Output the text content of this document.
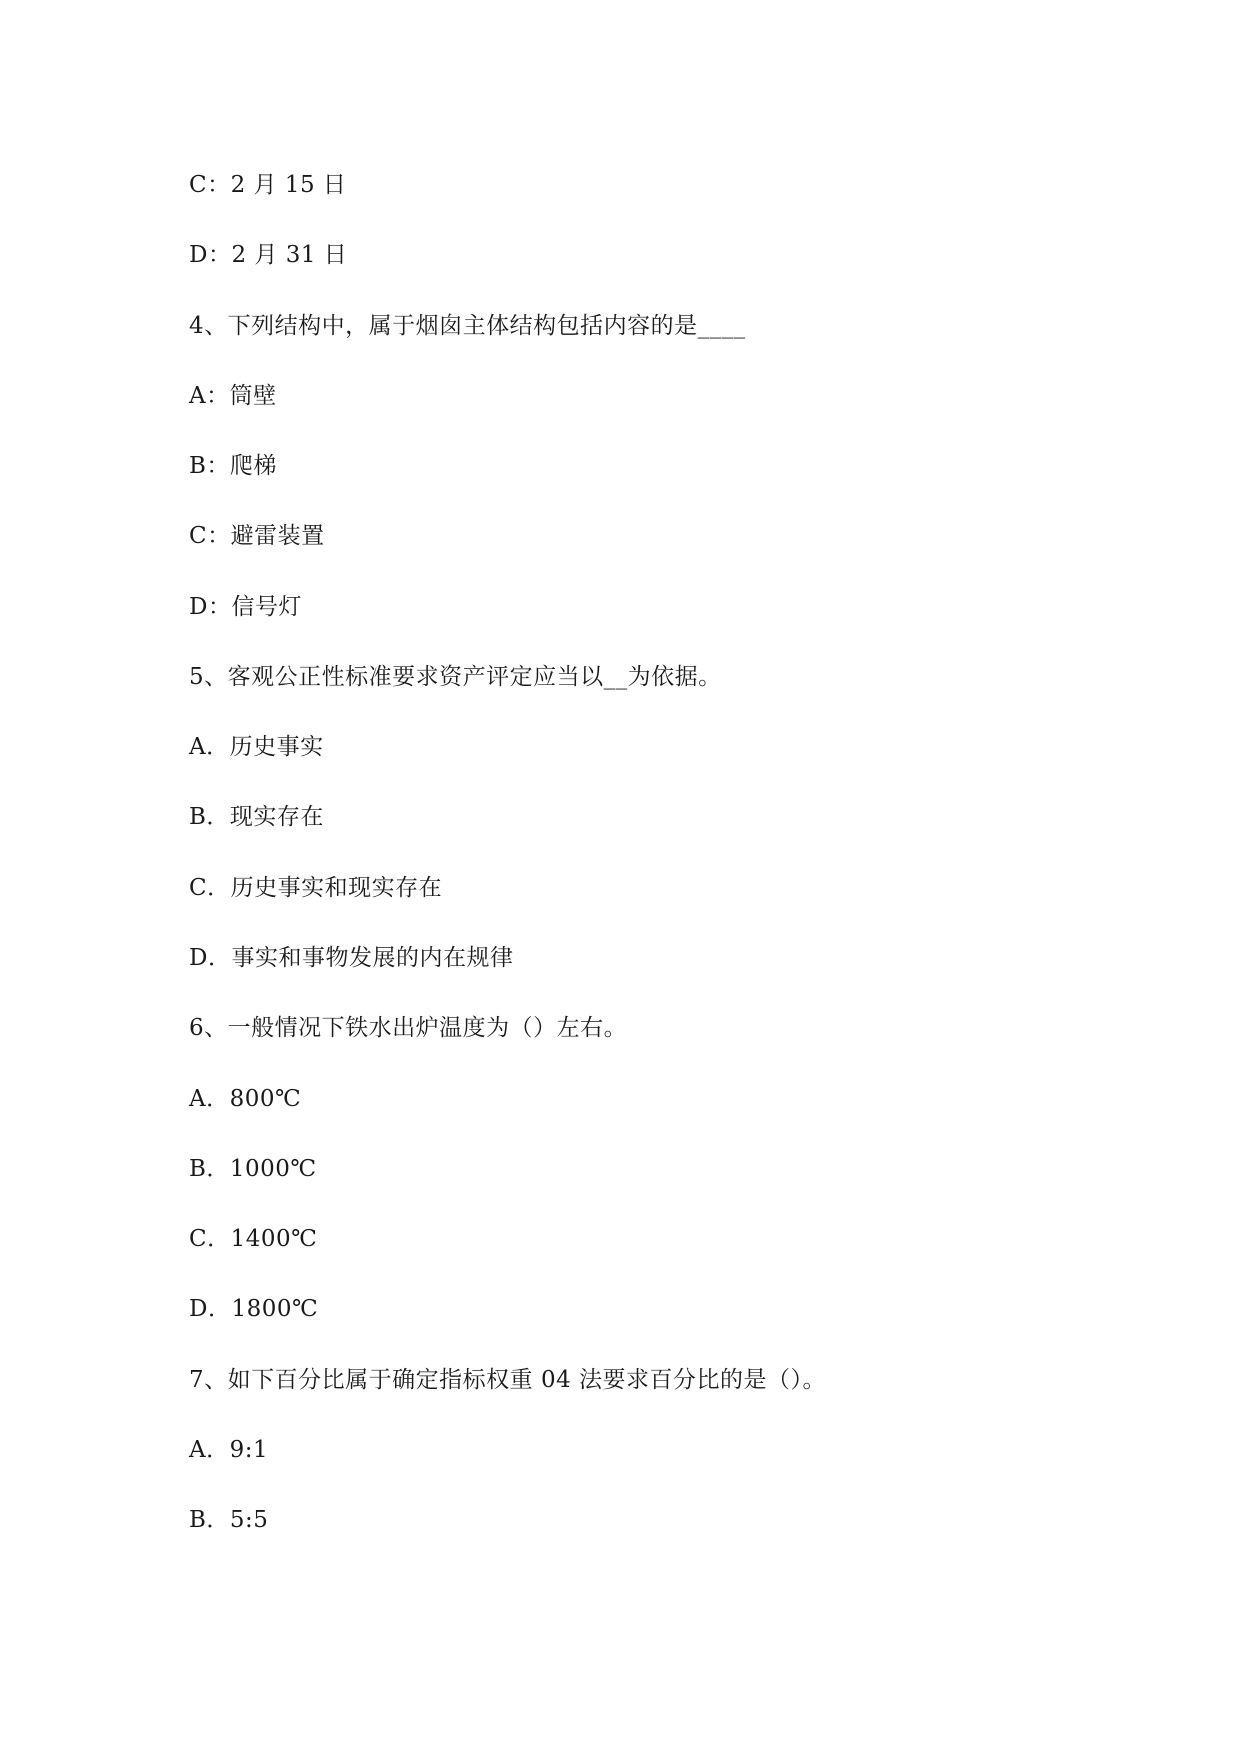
C：2 月 15 日
D：2 月 31 日
4、下列结构中，属于烟囱主体结构包括内容的是____
A：筒壁
B：爬梯
C：避雷装置
D：信号灯
5、客观公正性标准要求资产评定应当以__为依据。
A．历史事实
B．现实存在
C．历史事实和现实存在
D．事实和事物发展的内在规律
6、一般情况下铁水出炉温度为（）左右。
A．800℃
B．1000℃
C．1400℃
D．1800℃
7、如下百分比属于确定指标权重 04 法要求百分比的是（）。
A．9:1
B．5:5
